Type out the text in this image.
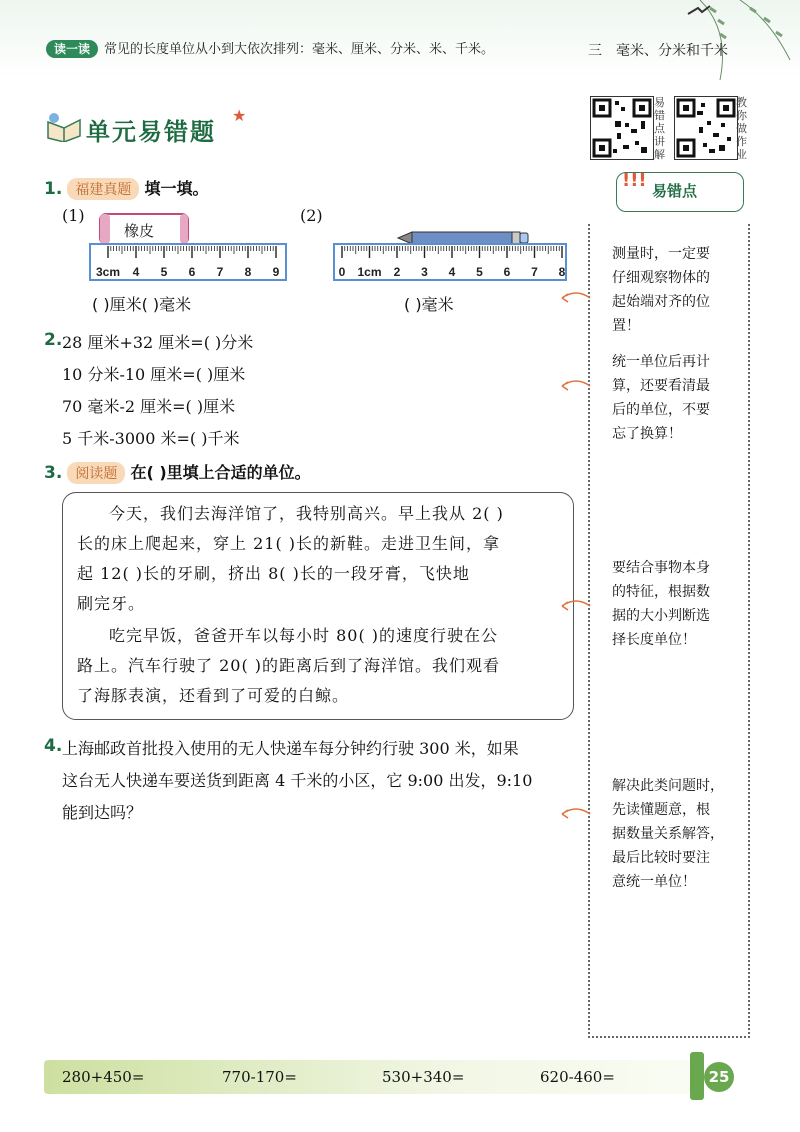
读一读	常见的长度单位从小到大依次排列：毫米、厘米、分米、米、千米。	三 毫米、分米和千米
单元易错题
★
易错点讲解
教你做作业
1. 福建真题 填一填。
(1)	(2)
橡皮
3cm 4 5 6 7 8 9	0 1cm 2 3 4 5 6 7 8
( )厘米( )毫米	( )毫米
2. 28 厘米+32 厘米=( )分米
10 分米-10 厘米=( )厘米
70 毫米-2 厘米=( )厘米
5 千米-3000 米=( )千米
3. 阅读题 在( )里填上合适的单位。
今天，我们去海洋馆了，我特别高兴。早上我从 2( )
长的床上爬起来，穿上 21( )长的新鞋。走进卫生间，拿
起 12( )长的牙刷，挤出 8( )长的一段牙膏，飞快地
刷完牙。
吃完早饭，爸爸开车以每小时 80( )的速度行驶在公
路上。汽车行驶了 20( )的距离后到了海洋馆。我们观看
了海豚表演，还看到了可爱的白鲸。
4. 上海邮政首批投入使用的无人快递车每分钟约行驶 300 米，如果
这台无人快递车要送货到距离 4 千米的小区，它 9:00 出发，9:10
能到达吗？
!!! 易错点
测量时，一定要
仔细观察物体的
起始端对齐的位
置！
统一单位后再计
算，还要看清最
后的单位，不要
忘了换算！
要结合事物本身
的特征，根据数
据的大小判断选
择长度单位！
解决此类问题时，
先读懂题意，根
据数量关系解答，
最后比较时要注
意统一单位！
280+450=	770-170=	530+340=	620-460=	25
